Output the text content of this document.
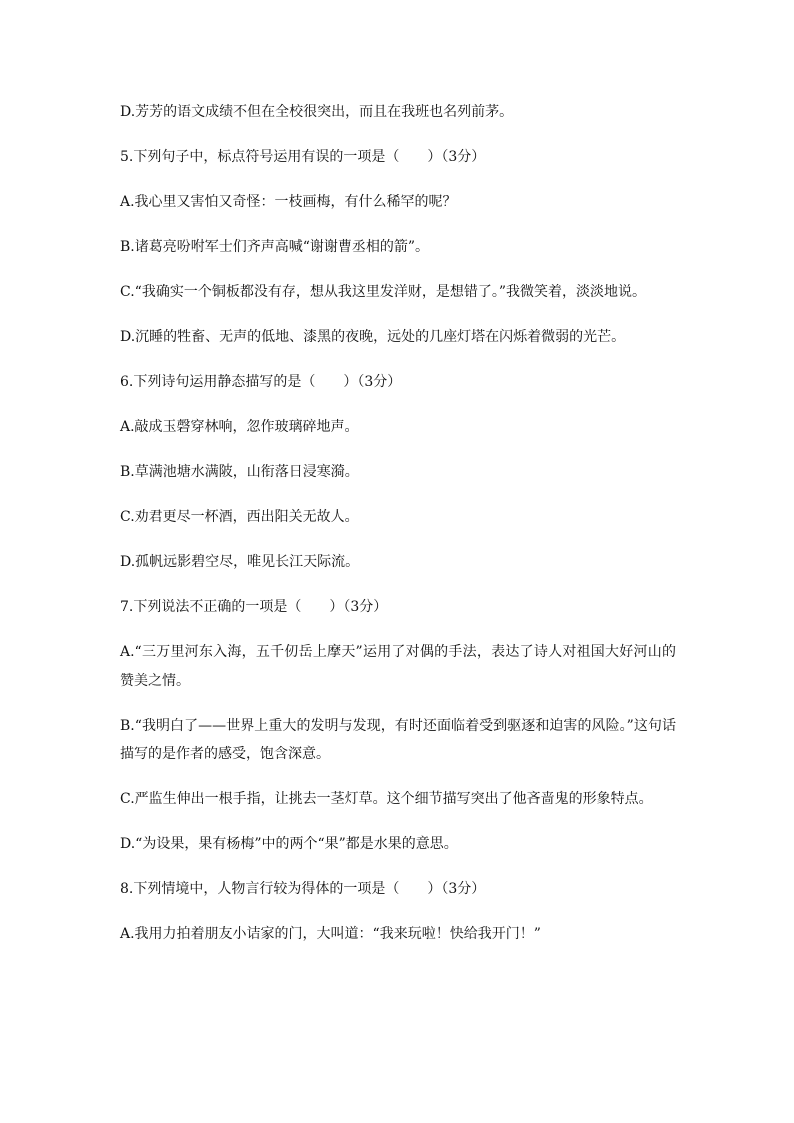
D.芳芳的语文成绩不但在全校很突出，而且在我班也名列前茅。

5.下列句子中，标点符号运用有误的一项是（　　）（3分）

A.我心里又害怕又奇怪：一枝画梅，有什么稀罕的呢？

B.诸葛亮吩咐军士们齐声高喊“谢谢曹丞相的箭”。

C.“我确实一个铜板都没有存，想从我这里发洋财，是想错了。”我微笑着，淡淡地说。

D.沉睡的牲畜、无声的低地、漆黑的夜晚，远处的几座灯塔在闪烁着微弱的光芒。

6.下列诗句运用静态描写的是（　　）（3分）

A.敲成玉磬穿林响，忽作玻璃碎地声。

B.草满池塘水满陂，山衔落日浸寒漪。

C.劝君更尽一杯酒，西出阳关无故人。

D.孤帆远影碧空尽，唯见长江天际流。

7.下列说法不正确的一项是（　　）（3分）

A.“三万里河东入海，五千仞岳上摩天”运用了对偶的手法，表达了诗人对祖国大好河山的赞美之情。

B.“我明白了——世界上重大的发明与发现，有时还面临着受到驱逐和迫害的风险。”这句话描写的是作者的感受，饱含深意。

C.严监生伸出一根手指，让挑去一茎灯草。这个细节描写突出了他吝啬鬼的形象特点。

D.“为设果，果有杨梅”中的两个“果”都是水果的意思。

8.下列情境中，人物言行较为得体的一项是（　　）（3分）

A.我用力拍着朋友小诘家的门，大叫道：“我来玩啦！快给我开门！”
